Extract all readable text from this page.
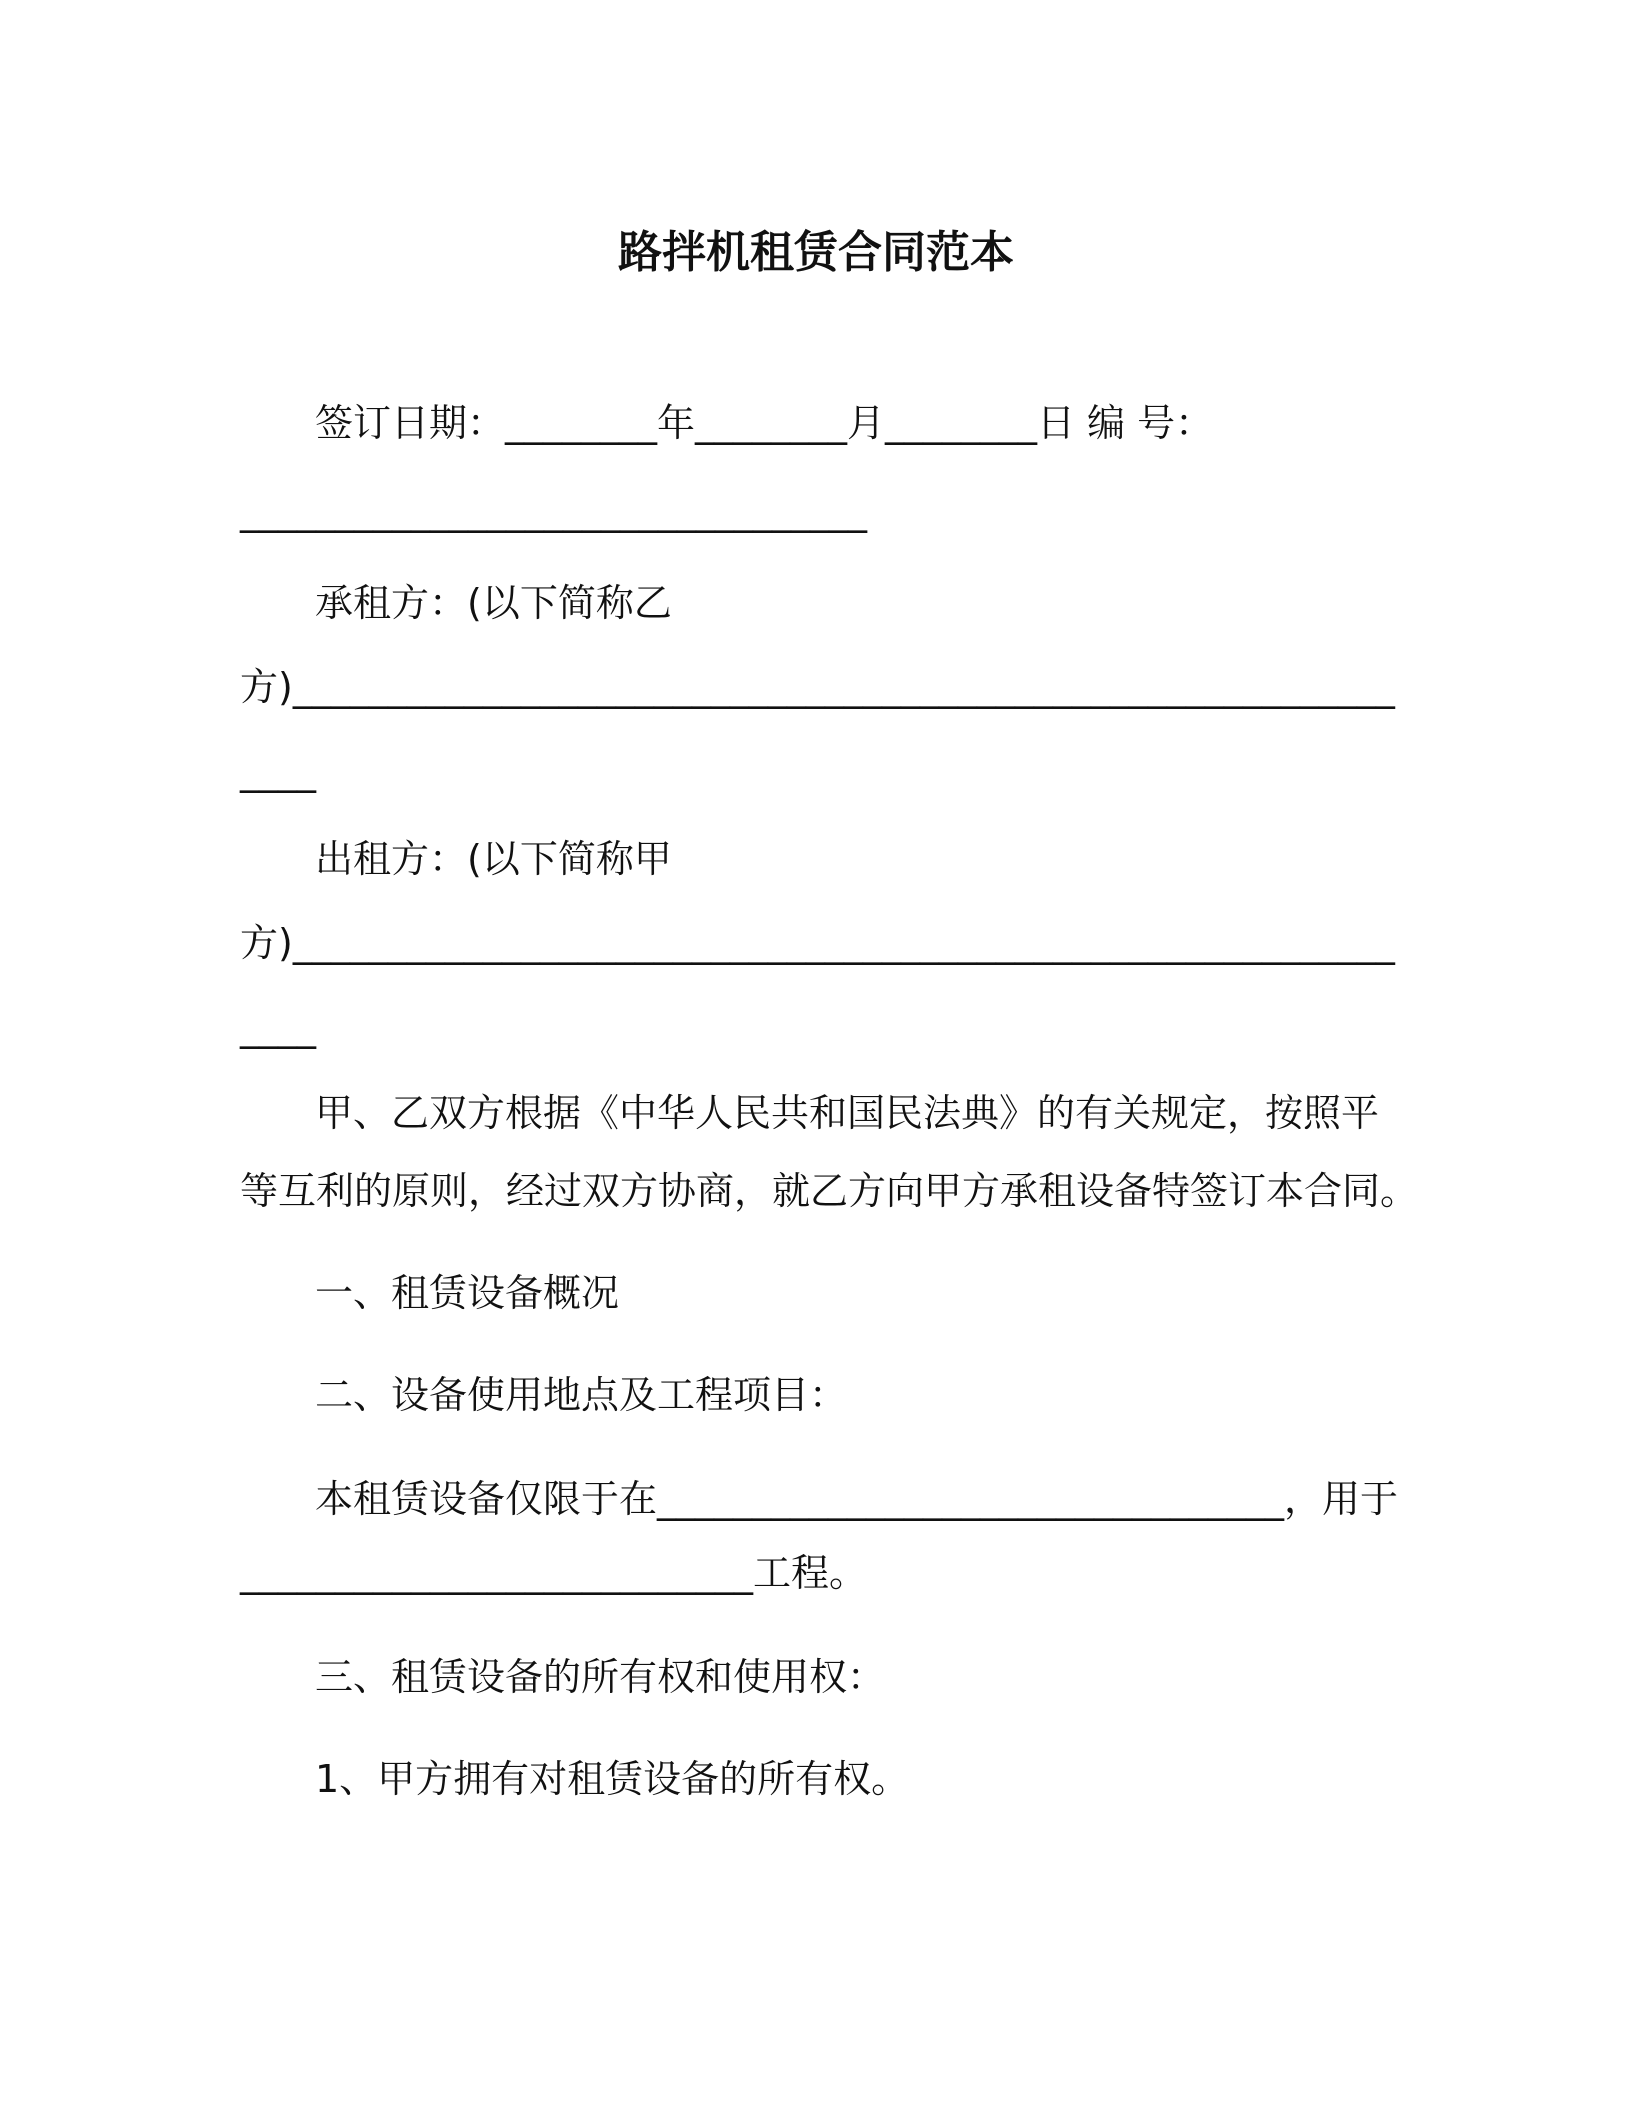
路拌机租赁合同范本
签订日期：________年________月________日 编 号：
_________________________________
承租方：(以下简称乙
方)__________________________________________________________
____
出租方：(以下简称甲
方)__________________________________________________________
____
甲、乙双方根据《中华人民共和国民法典》的有关规定，按照平
等互利的原则，经过双方协商，就乙方向甲方承租设备特签订本合同。
一、租赁设备概况
二、设备使用地点及工程项目：
本租赁设备仅限于在_________________________________，用于
___________________________工程。
三、租赁设备的所有权和使用权：
1、甲方拥有对租赁设备的所有权。
